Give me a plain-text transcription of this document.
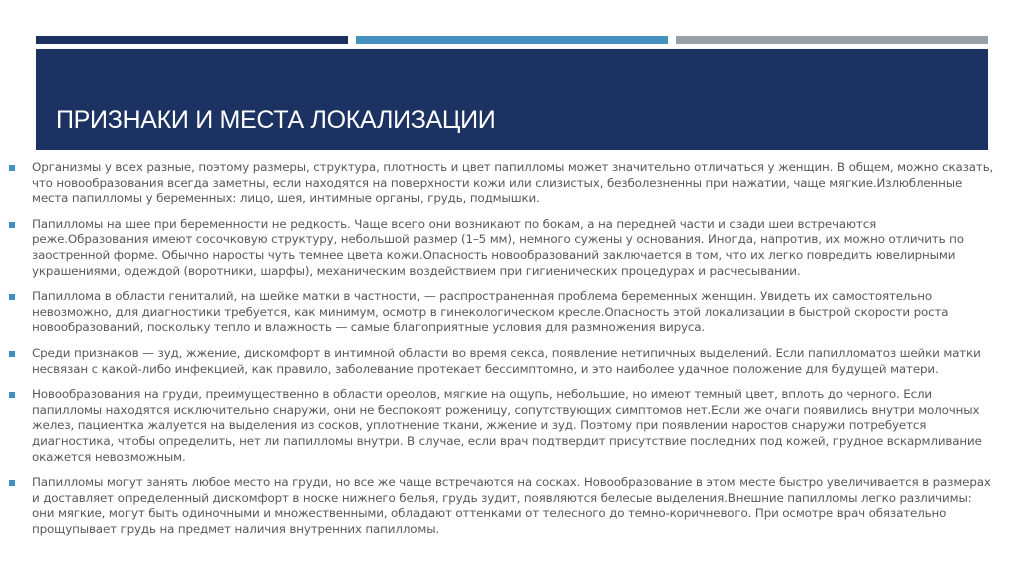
ПРИЗНАКИ И МЕСТА ЛОКАЛИЗАЦИИ
Организмы у всех разные, поэтому размеры, структура, плотность и цвет папилломы может значительно отличаться у женщин. В общем, можно сказать, что новообразования всегда заметны, если находятся на поверхности кожи или слизистых, безболезненны при нажатии, чаще мягкие.Излюбленные места папилломы у беременных: лицо, шея, интимные органы, грудь, подмышки.
Папилломы на шее при беременности не редкость. Чаще всего они возникают по бокам, а на передней части и сзади шеи встречаются реже.Образования имеют сосочковую структуру, небольшой размер (1–5 мм), немного сужены у основания. Иногда, напротив, их можно отличить по заостренной форме. Обычно наросты чуть темнее цвета кожи.Опасность новообразований заключается в том, что их легко повредить ювелирными украшениями, одеждой (воротники, шарфы), механическим воздействием при гигиенических процедурах и расчесывании.
Папиллома в области гениталий, на шейке матки в частности, — распространенная проблема беременных женщин. Увидеть их самостоятельно невозможно, для диагностики требуется, как минимум, осмотр в гинекологическом кресле.Опасность этой локализации в быстрой скорости роста новообразований, поскольку тепло и влажность — самые благоприятные условия для размножения вируса.
Среди признаков — зуд, жжение, дискомфорт в интимной области во время секса, появление нетипичных выделений. Если папилломатоз шейки матки несвязан с какой-либо инфекцией, как правило, заболевание протекает бессимптомно, и это наиболее удачное положение для будущей матери.
Новообразования на груди, преимущественно в области ореолов, мягкие на ощупь, небольшие, но имеют темный цвет, вплоть до черного. Если папилломы находятся исключительно снаружи, они не беспокоят роженицу, сопутствующих симптомов нет.Если же очаги появились внутри молочных желез, пациентка жалуется на выделения из сосков, уплотнение ткани, жжение и зуд. Поэтому при появлении наростов снаружи потребуется диагностика, чтобы определить, нет ли папилломы внутри. В случае, если врач подтвердит присутствие последних под кожей, грудное вскармливание окажется невозможным.
Папилломы могут занять любое место на груди, но все же чаще встречаются на сосках. Новообразование в этом месте быстро увеличивается в размерах и доставляет определенный дискомфорт в носке нижнего белья, грудь зудит, появляются белесые выделения.Внешние папилломы легко различимы: они мягкие, могут быть одиночными и множественными, обладают оттенками от телесного до темно-коричневого. При осмотре врач обязательно прощупывает грудь на предмет наличия внутренних папилломы.
